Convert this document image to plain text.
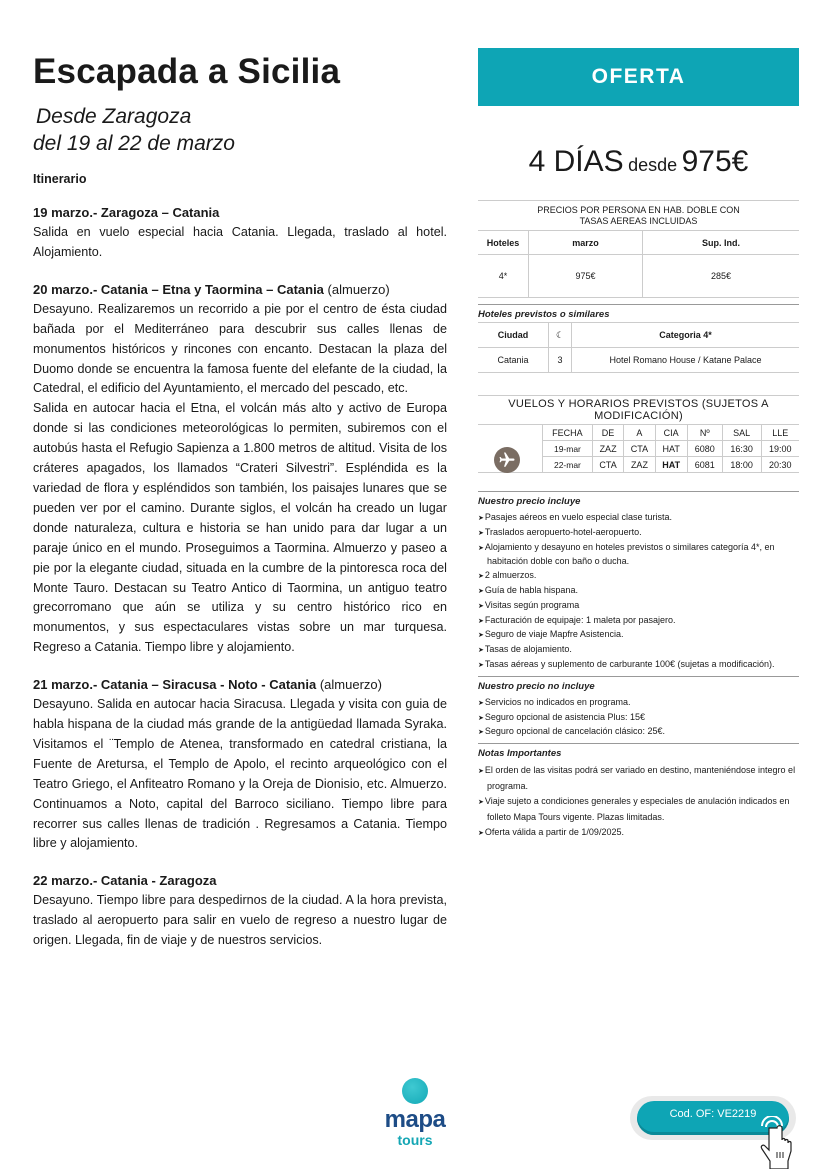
Escapada a Sicilia
Desde Zaragoza
del 19 al 22 de marzo
Itinerario
19 marzo.- Zaragoza – Catania
Salida en vuelo especial hacia Catania. Llegada, traslado al hotel. Alojamiento.
20 marzo.- Catania – Etna y Taormina – Catania (almuerzo)
Desayuno. Realizaremos un recorrido a pie por el centro de ésta ciudad bañada por el Mediterráneo para descubrir sus calles llenas de monumentos históricos y rincones con encanto. Destacan la plaza del Duomo donde se encuentra la famosa fuente del elefante de la ciudad, la Catedral, el edificio del Ayuntamiento, el mercado del pescado, etc.
Salida en autocar hacia el Etna, el volcán más alto y activo de Europa donde si las condiciones meteorológicas lo permiten, subiremos con el autobús hasta el Refugio Sapienza a 1.800 metros de altitud. Visita de los cráteres apagados, los llamados “Crateri Silvestri”. Espléndida es la variedad de flora y espléndidos son también, los paisajes lunares que se pueden ver por el camino. Durante siglos, el volcán ha creado un lugar donde naturaleza, cultura e historia se han unido para dar lugar a un paraje único en el mundo. Proseguimos a Taormina. Almuerzo y paseo a pie por la elegante ciudad, situada en la cumbre de la pintoresca roca del Monte Tauro. Destacan su Teatro Antico di Taormina, un antiguo teatro grecorromano que aún se utiliza y su centro histórico rico en monumentos, y sus espectaculares vistas sobre un mar turquesa. Regreso a Catania. Tiempo libre y alojamiento.
21 marzo.- Catania – Siracusa - Noto - Catania (almuerzo)
Desayuno. Salida en autocar hacia Siracusa. Llegada y visita con guia de habla hispana de la ciudad más grande de la antigüedad llamada Syraka. Visitamos el ¨Templo de Atenea, transformado en catedral cristiana, la Fuente de Aretursa, el Templo de Apolo, el recinto arqueológico con el Teatro Griego, el Anfiteatro Romano y la Oreja de Dionisio, etc. Almuerzo. Continuamos a Noto, capital del Barroco siciliano. Tiempo libre para recorrer sus calles llenas de tradición . Regresamos a Catania. Tiempo libre y alojamiento.
22 marzo.- Catania - Zaragoza
Desayuno. Tiempo libre para despedirnos de la ciudad. A la hora prevista, traslado al aeropuerto para salir en vuelo de regreso a nuestro lugar de origen. Llegada, fin de viaje y de nuestros servicios.
OFERTA
4 DÍAS desde 975€
PRECIOS POR PERSONA EN HAB. DOBLE CON
TASAS AEREAS INCLUIDAS		
Hoteles	marzo	Sup. Ind.
4*	975€	285€
Hoteles previstos o similares
Ciudad	☾	Categoria 4*
Catania	3	Hotel Romano House / Katane Palace
VUELOS Y HORARIOS PREVISTOS (SUJETOS A MODIFICACIÓN)
FECHA	DE	A	CIA	Nº	SAL	LLE
19-mar	ZAZ	CTA	HAT	6080	16:30	19:00
22-mar	CTA	ZAZ	HAT	6081	18:00	20:30
Nuestro precio incluye
➤ Pasajes aéreos en vuelo especial clase turista.
➤ Traslados aeropuerto-hotel-aeropuerto.
➤ Alojamiento y desayuno en hoteles previstos o similares categoría 4*, en habitación doble con baño o ducha.
➤ 2 almuerzos.
➤ Guía de habla hispana.
➤ Visitas según programa
➤ Facturación de equipaje: 1 maleta por pasajero.
➤ Seguro de viaje Mapfre Asistencia.
➤ Tasas de alojamiento.
➤ Tasas aéreas y suplemento de carburante 100€ (sujetas a modificación).
Nuestro precio no incluye
➤ Servicios no indicados en programa.
➤ Seguro opcional de asistencia Plus: 15€
➤ Seguro opcional de cancelación clásico: 25€.
Notas Importantes
➤ El orden de las visitas podrá ser variado en destino, manteniéndose integro el programa.
➤ Viaje sujeto a condiciones generales y especiales de anulación indicados en folleto Mapa Tours vigente. Plazas limitadas.
➤ Oferta válida a partir de 1/09/2025.
mapa
tours
Cod. OF: VE2219
